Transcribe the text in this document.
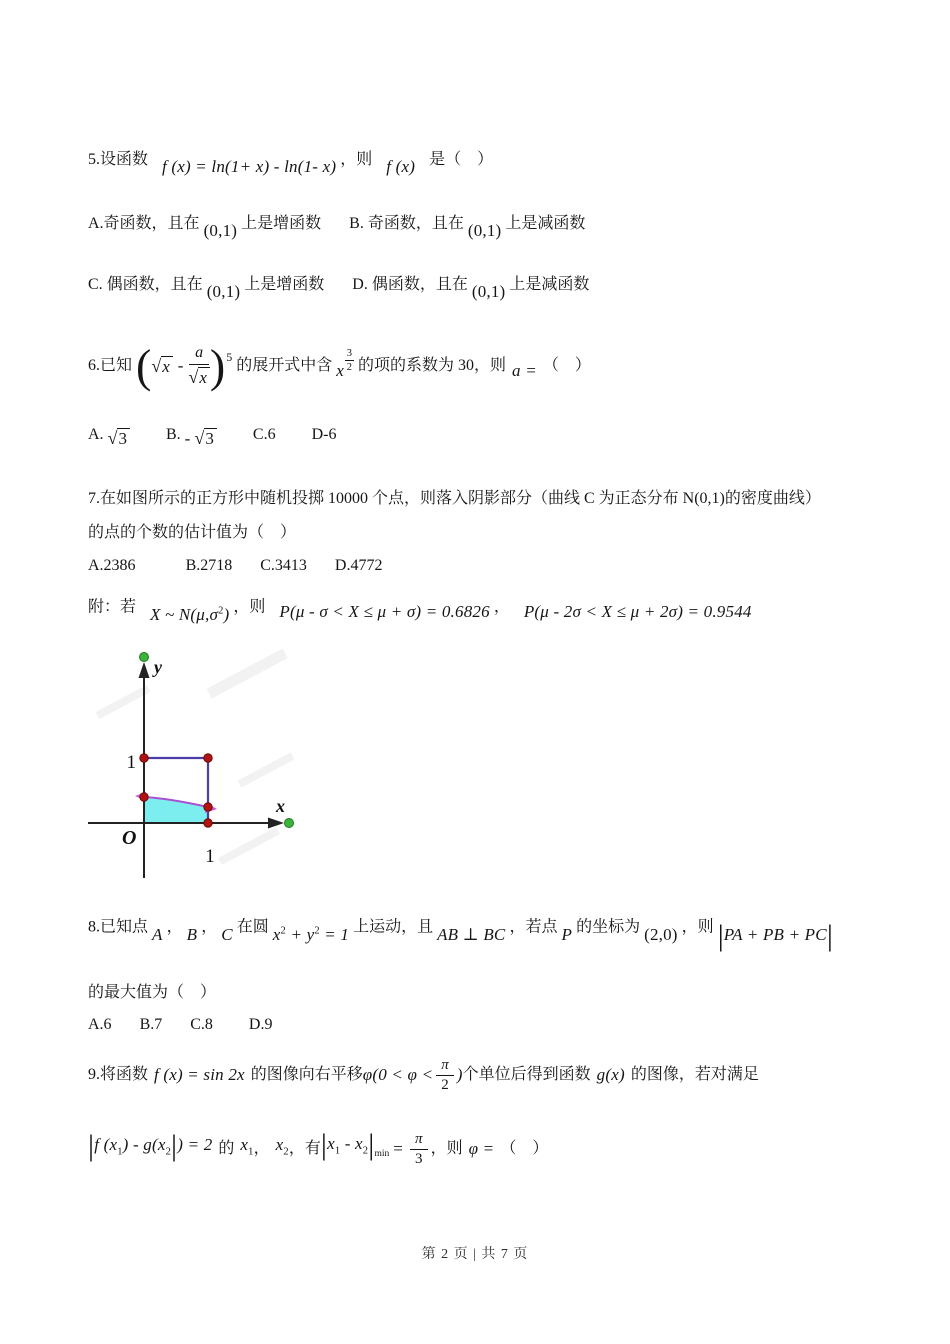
5.设函数 f (x) = ln(1+ x) - ln(1- x) ，则 f (x) 是（　）
A.奇函数，且在 (0,1) 上是增函数 B. 奇函数，且在 (0,1) 上是减函数
C. 偶函数，且在 (0,1) 上是增函数 D. 偶函数，且在 (0,1) 上是减函数
6.已知 ( $√x - \frac{a}{√x}$ ) 5 的展开式中含 x $\frac{3}{2}$ 的项的系数为 30，则 a = （　）
A. √3 B. - √3 C.6 D-6
7.在如图所示的正方形中随机投掷 10000 个点，则落入阴影部分（曲线 C 为正态分布 N(0,1)的密度曲线）
的点的个数的估计值为（　）
A.2386	B.2718 C.3413 D.4772
附：若 X ~ $N(\mu,\sigma^2)$ ，则 P(μ - σ < X ≤ μ + σ) = 0.6826 ， P(μ - 2σ < X ≤ μ + 2σ) = 0.9544
y
x
O
1
1
8.已知点 A ， B ， C 在圆 $x^2 + y^2 = 1$ 上运动，且 AB ⊥ BC ，若点 P 的坐标为 (2,0) ，则 |PA + PB + PC|
的最大值为（　）
A.6 B.7 C.8 D.9
9.将函数 f (x) = sin 2x 的图像向右平移 $\varphi(0 < \varphi < \frac{\pi}{2}$ ) 个单位后得到函数 g(x) 的图像，若对满足
|f $(x_1) - g(x_2|) = 2$ 的 $x_1$ ， $x_2$ ，有 $|x_1 - x_2|_{min} = \frac{\pi}{3}$ ，则 φ = （　）
第 2 页 | 共 7 页
